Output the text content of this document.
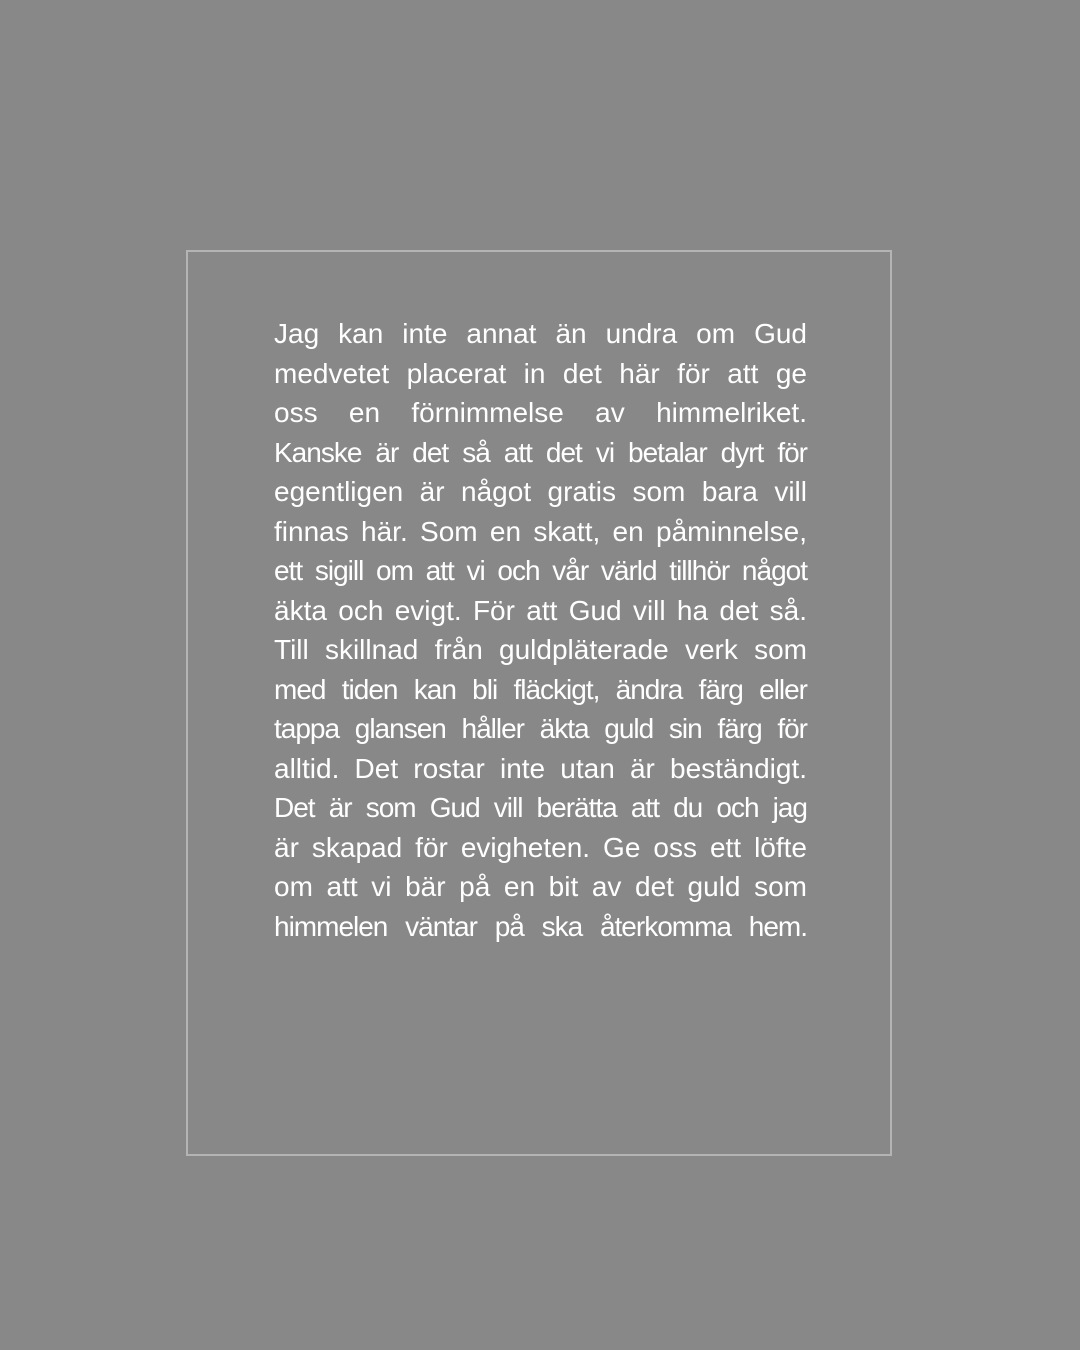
Jag kan inte annat än undra om Gud
medvetet placerat in det här för att ge
oss en förnimmelse av himmelriket.
Kanske är det så att det vi betalar dyrt för
egentligen är något gratis som bara vill
finnas här. Som en skatt, en påminnelse,
ett sigill om att vi och vår värld tillhör något
äkta och evigt. För att Gud vill ha det så.
Till skillnad från guldpläterade verk som
med tiden kan bli fläckigt, ändra färg eller
tappa glansen håller äkta guld sin färg för
alltid. Det rostar inte utan är beständigt.
Det är som Gud vill berätta att du och jag
är skapad för evigheten. Ge oss ett löfte
om att vi bär på en bit av det guld som
himmelen väntar på ska återkomma hem.
